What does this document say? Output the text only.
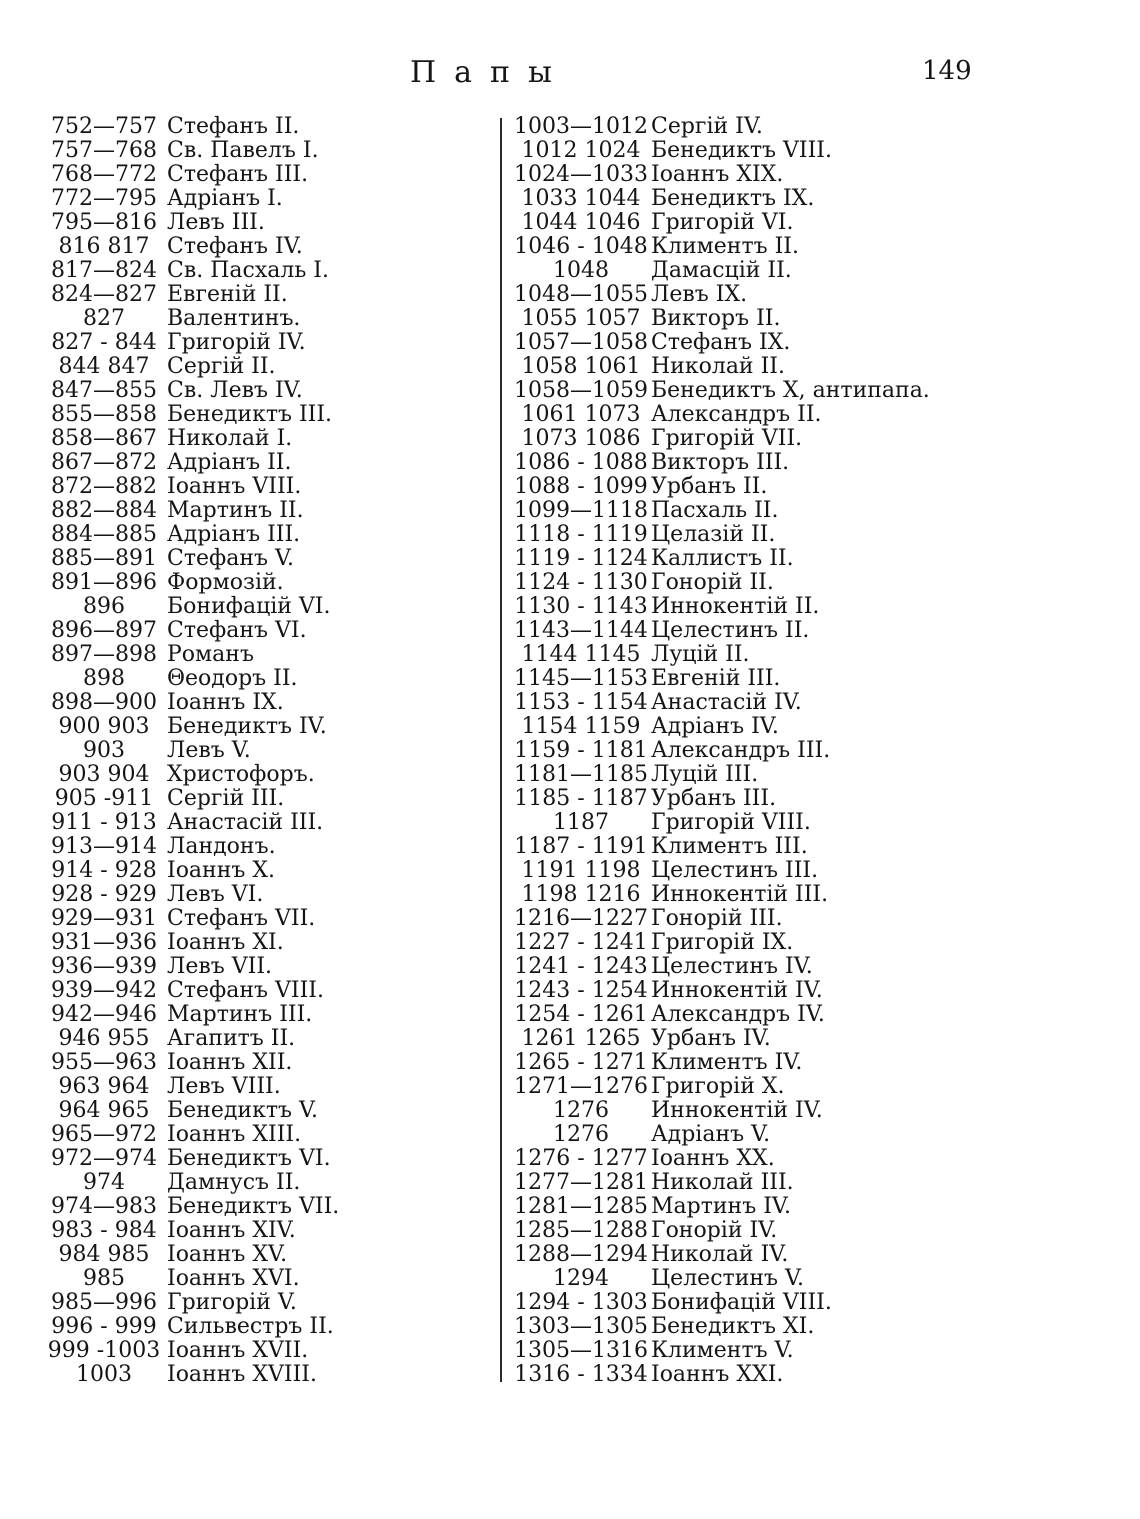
Папы	149
752—757 Стефанъ II.
757—768 Св. Павелъ I.
768—772 Стефанъ III.
772—795 Адріанъ I.
795—816 Левъ III.
816 817 Стефанъ IV.
817—824 Св. Пасхаль I.
824—827 Евгеній II.
827	Валентинъ.
827 - 844 Григорій IV.
844 847 Сергій II.
847—855 Св. Левъ IV.
855—858 Бенедиктъ III.
858—867 Николай I.
867—872 Адріанъ II.
872—882 Іоаннъ VIII.
882—884 Мартинъ II.
884—885 Адріанъ III.
885—891 Стефанъ V.
891—896 Формозій.
896	Бонифацій VI.
896—897 Стефанъ VI.
897—898 Романъ
898	Θеодоръ II.
898—900 Іоаннъ IX.
900 903 Бенедиктъ IV.
903	Левъ V.
903 904 Христофоръ.
905 -911 Сергій III.
911 - 913 Анастасій III.
913—914 Ландонъ.
914 - 928 Іоаннъ X.
928 - 929 Левъ VI.
929—931 Стефанъ VII.
931—936 Іоаннъ XI.
936—939 Левъ VII.
939—942 Стефанъ VIII.
942—946 Мартинъ III.
946 955 Агапитъ II.
955—963 Іоаннъ XII.
963 964 Левъ VIII.
964 965 Бенедиктъ V.
965—972 Іоаннъ XIII.
972—974 Бенедиктъ VI.
974	Дамнусъ II.
974—983 Бенедиктъ VII.
983 - 984 Іоаннъ XIV.
984 985 Іоаннъ XV.
985	Іоаннъ XVI.
985—996 Григорій V.
996 - 999 Сильвестръ II.
999 -1003 Іоаннъ XVII.
1003	Іоаннъ XVIII.
1003—1012 Сергій IV.
1012 1024 Бенедиктъ VIII.
1024—1033 Іоаннъ XIX.
1033 1044 Бенедиктъ IX.
1044 1046 Григорій VI.
1046 - 1048 Климентъ II.
1048	Дамасцій II.
1048—1055 Левъ IX.
1055 1057 Викторъ II.
1057—1058 Стефанъ IX.
1058 1061 Николай II.
1058—1059 Бенедиктъ X, антипапа.
1061 1073 Александръ II.
1073 1086 Григорій VII.
1086 - 1088 Викторъ III.
1088 - 1099 Урбанъ II.
1099—1118 Пасхаль II.
1118 - 1119 Целазій II.
1119 - 1124 Каллистъ II.
1124 - 1130 Гонорій II.
1130 - 1143 Иннокентій II.
1143—1144 Целестинъ II.
1144 1145 Луцій II.
1145—1153 Евгеній III.
1153 - 1154 Анастасій IV.
1154 1159 Адріанъ IV.
1159 - 1181 Александръ III.
1181—1185 Луцій III.
1185 - 1187 Урбанъ III.
1187	Григорій VIII.
1187 - 1191 Климентъ III.
1191 1198 Целестинъ III.
1198 1216 Иннокентій III.
1216—1227 Гонорій III.
1227 - 1241 Григорій IX.
1241 - 1243 Целестинъ IV.
1243 - 1254 Иннокентій IV.
1254 - 1261 Александръ IV.
1261 1265 Урбанъ IV.
1265 - 1271 Климентъ IV.
1271—1276 Григорій X.
1276	Иннокентій IV.
1276	Адріанъ V.
1276 - 1277 Іоаннъ XX.
1277—1281 Николай III.
1281—1285 Мартинъ IV.
1285—1288 Гонорій IV.
1288—1294 Николай IV.
1294	Целестинъ V.
1294 - 1303 Бонифацій VIII.
1303—1305 Бенедиктъ XI.
1305—1316 Климентъ V.
1316 - 1334 Іоаннъ XXI.
